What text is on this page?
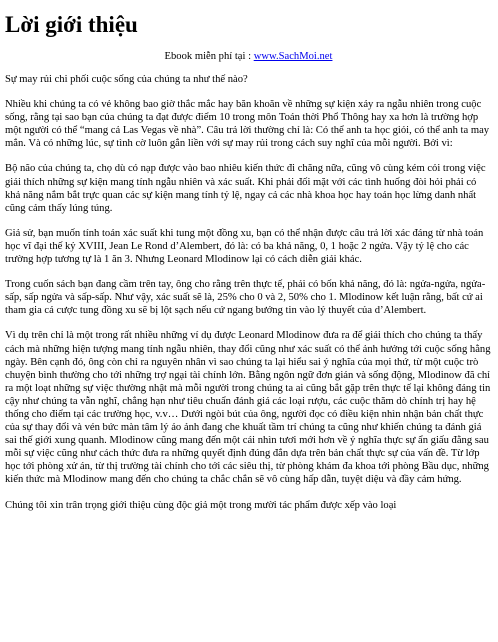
Lời giới thiệu
Ebook miễn phí tại : www.SachMoi.net

Sự may rủi chi phối cuộc sống của chúng ta như thế nào?

Nhiều khi chúng ta có vẻ không bao giờ thắc mắc hay băn khoăn về những sự kiện xảy ra ngẫu nhiên trong cuộc sống, rằng tại sao bạn của chúng ta đạt được điểm 10 trong môn Toán thời Phổ Thông hay xa hơn là trường hợp một người có thể “mang cả Las Vegas về nhà”. Câu trả lời thường chỉ là: Có thể anh ta học giỏi, có thể anh ta may mắn. Và có những lúc, sự tình cờ luôn gắn liền với sự may rủi trong cách suy nghĩ của mỗi người. Bởi vì:

Bộ não của chúng ta, chọ dù có nạp được vào bao nhiêu kiến thức đi chăng nữa, cũng vô cùng kém cỏi trong việc giải thích những sự kiện mang tính ngẫu nhiên và xác suất. Khi phải đối mặt với các tình huống đòi hỏi phải có khả năng nắm bắt trực quan các sự kiện mang tính tỷ lệ, ngay cả các nhà khoa học hay toán học lừng danh nhất cũng cảm thấy lúng túng.

Giả sử, bạn muốn tính toán xác suất khi tung một đồng xu, bạn có thể nhận được câu trả lời xác đáng từ nhà toán học vĩ đại thế kỷ XVIII, Jean Le Rond d’Alembert, đó là: có ba khả năng, 0, 1 hoặc 2 ngửa. Vậy tỷ lệ cho các trường hợp tương tự là 1 ăn 3. Nhưng Leonard Mlodinow lại có cách diễn giải khác.

Trong cuốn sách bạn đang cầm trên tay, ông cho rằng trên thực tế, phải có bốn khả năng, đó là: ngửa-ngửa, ngửa-sấp, sấp ngửa và sấp-sấp. Như vậy, xác suất sẽ là, 25% cho 0 và 2, 50% cho 1. Mlodinow kết luận rằng, bất cứ ai tham gia cá cược tung đồng xu sẽ bị lột sạch nếu cứ ngang bướng tin vào lý thuyết của d’Alembert.

Vì dụ trên chỉ là một trong rất nhiều những ví dụ được Leonard Mlodinow đưa ra để giải thích cho chúng ta thấy cách mà những hiện tượng mang tính ngẫu nhiên, thay đổi cũng như xác suất có thể ảnh hưởng tới cuộc sống hằng ngày. Bên cạnh đó, ông còn chỉ ra nguyên nhân vì sao chúng ta lại hiểu sai ý nghĩa của mọi thứ, từ một cuộc trò chuyện bình thường cho tới những trợ ngại tài chính lớn. Bằng ngôn ngữ đơn giản và sống động, Mlodinow đã chỉ ra một loạt những sự việc thường nhật mà mỗi người trong chúng ta ai cũng bắt gặp trên thực tế lại không đáng tin cậy như chúng ta vẫn nghĩ, chẳng hạn như tiêu chuẩn đánh giá các loại rượu, các cuộc thăm dò chính trị hay hệ thống cho điểm tại các trường học, v.v… Dưới ngòi bút của ông, người đọc có điều kiện nhìn nhận bản chất thực của sự thay đổi và vén bức màn tâm lý ảo ảnh đang che khuất tầm trí chúng ta cũng như khiến chúng ta đánh giá sai thế giới xung quanh. Mlodinow cũng mang đến một cái nhìn tươi mới hơn về ý nghĩa thực sự ẩn giấu đằng sau mỗi sự việc cũng như cách thức đưa ra những quyết định đúng đắn dựa trên bản chất thực sự của vấn đề. Từ lớp học tới phòng xử án, từ thị trường tài chính cho tới các siêu thị, từ phòng khám đa khoa tới phòng Bầu dục, những kiến thức mà Mlodinow mang đến cho chúng ta chắc chắn sẽ vô cùng hấp dẫn, tuyệt diệu và đầy cảm hứng.

Chúng tôi xin trân trọng giới thiệu cùng độc giả một trong mười tác phẩm được xếp vào loại
